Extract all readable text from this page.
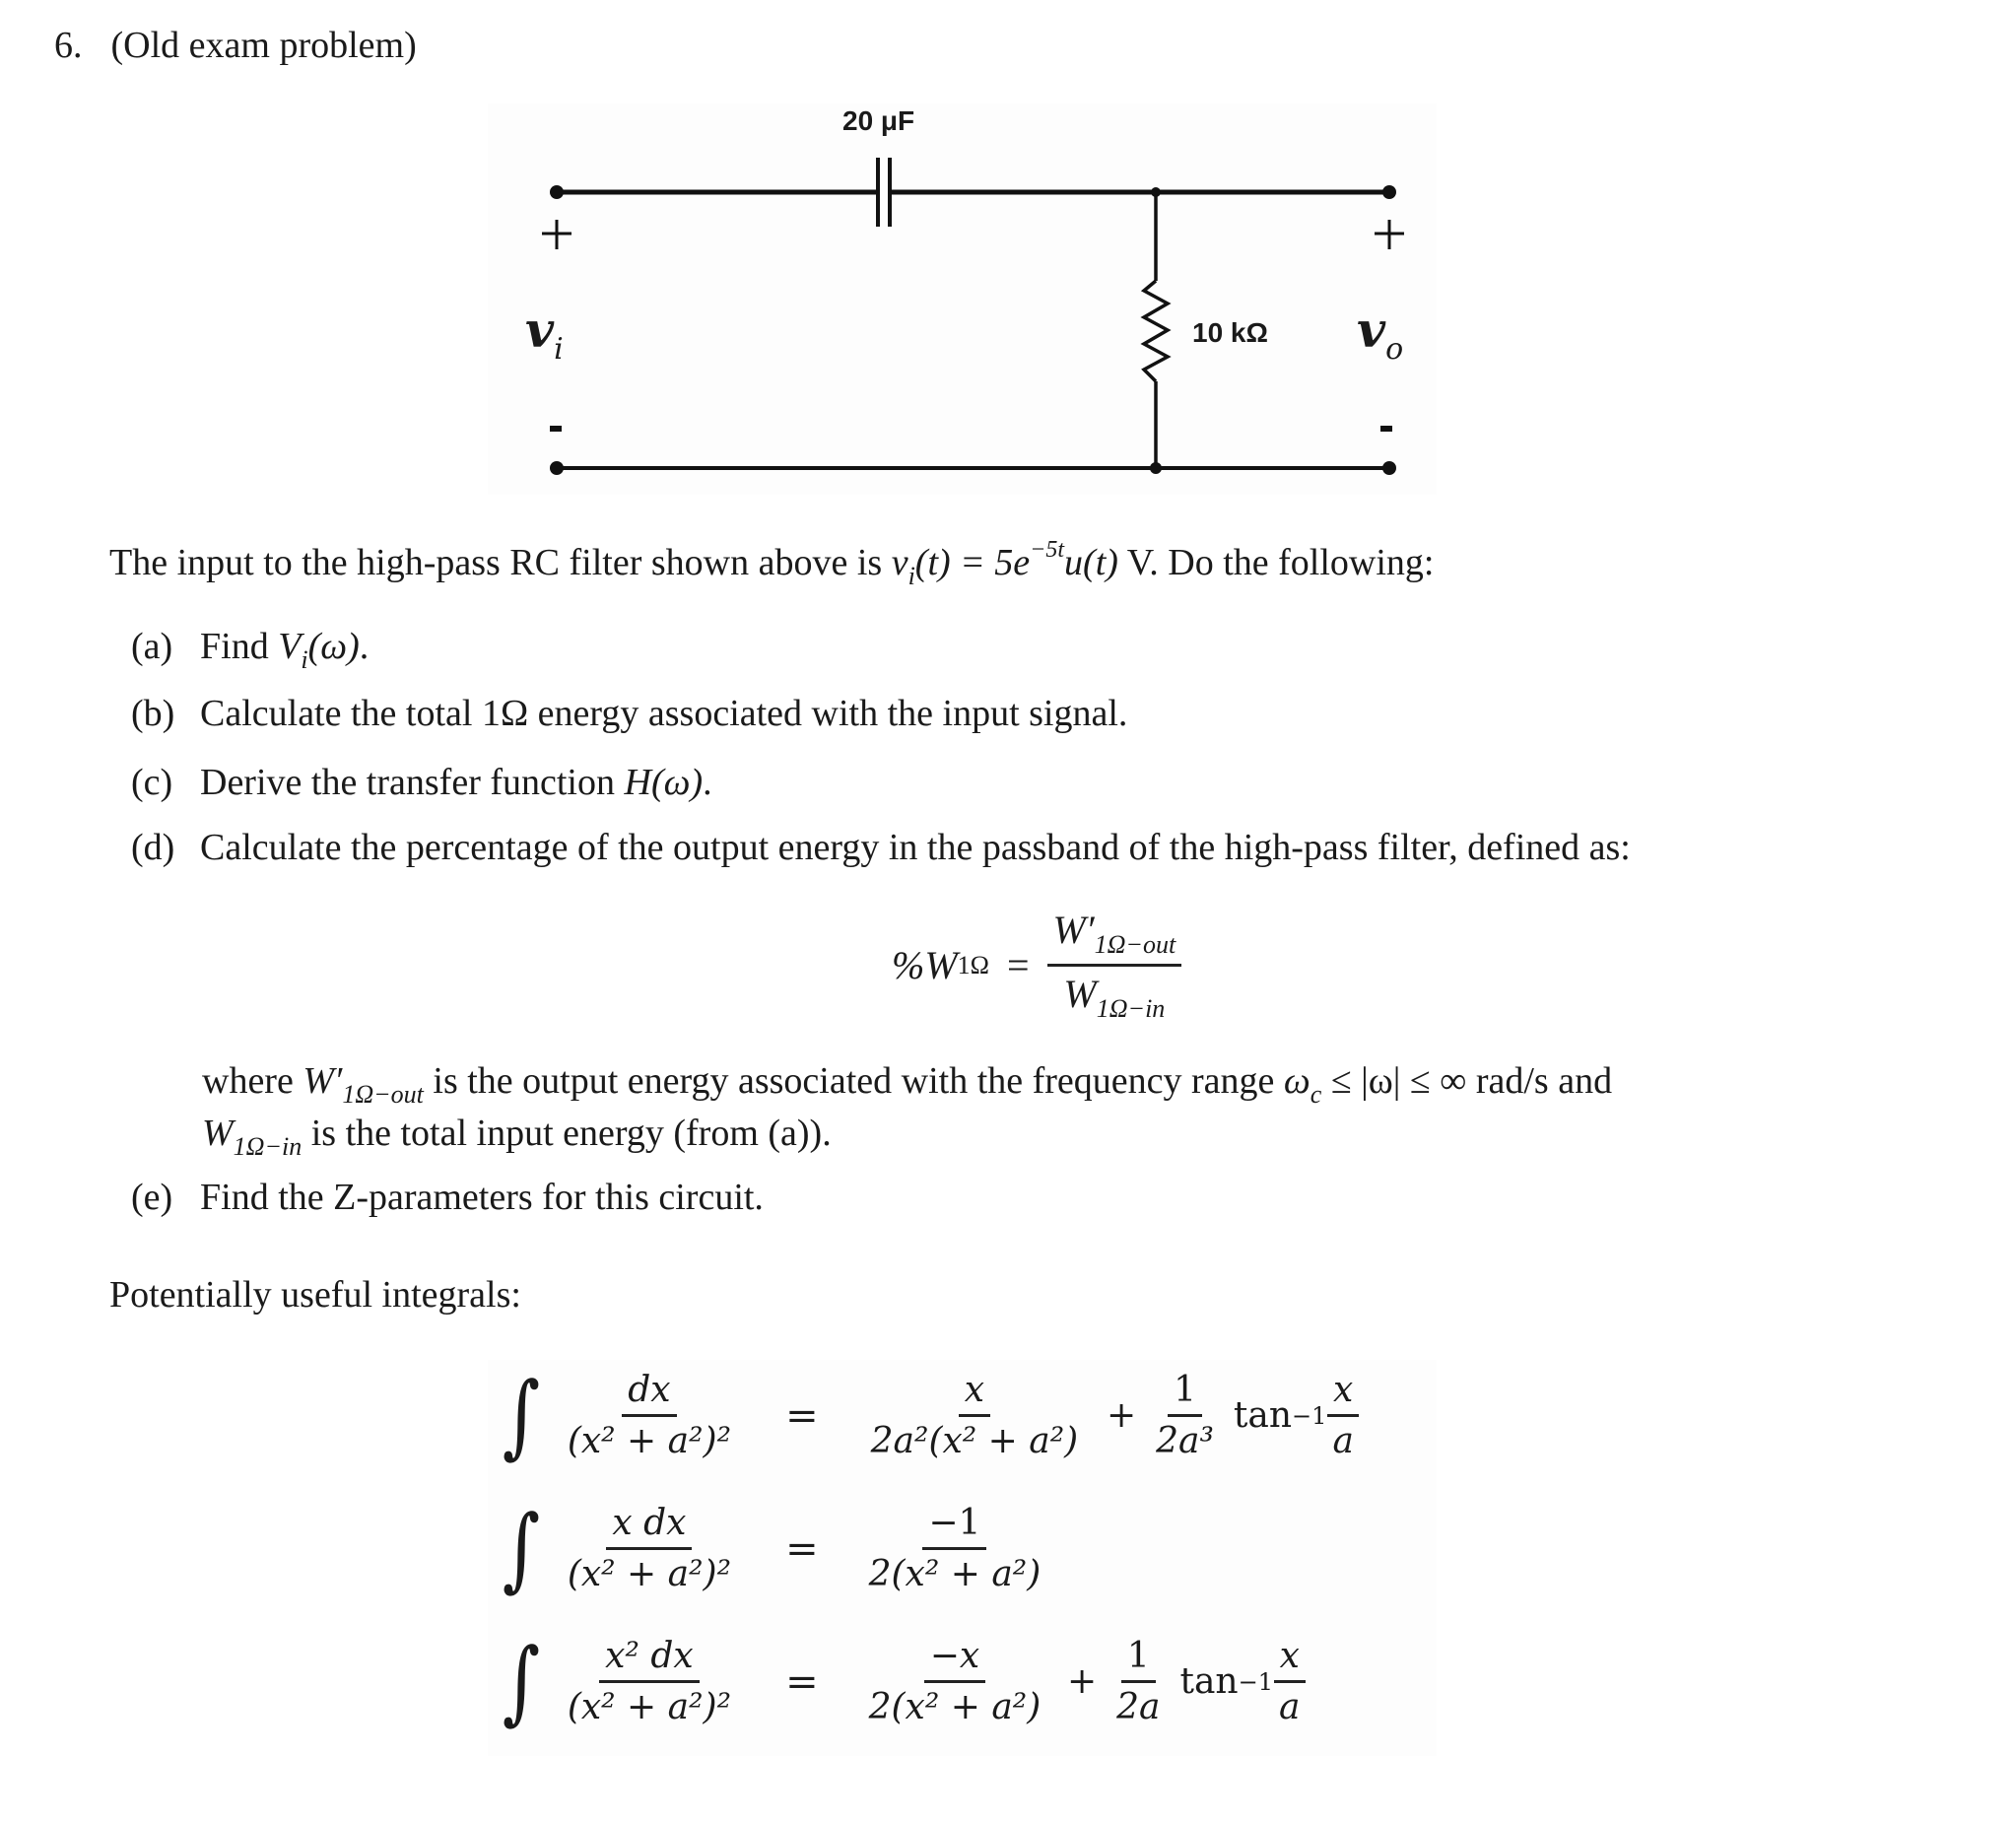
6. (Old exam problem)
20 μF
10 kΩ
$v_i$	$v_o$
The input to the high-pass RC filter shown above is $v_i(t) = 5e^{-5t}u(t)$ V. Do the following:
(a) Find $V_i(\omega)$.
(b) Calculate the total 1Ω energy associated with the input signal.
(c) Derive the transfer function H(ω).
(d) Calculate the percentage of the output energy in the passband of the high-pass filter, defined as:
%W $1\Omega = \frac{W'_{1\Omega-out}}{W_{1\Omega-in}}$
where $W'_{1\Omega-out}$ is the output energy associated with the frequency range $\omega_c \le |\omega|$ ≤ ∞ rad/s and
$W_{1\Omega-in}$ is the total input energy (from (a)).
(e) Find the Z-parameters for this circuit.
Potentially useful integrals:
∫ $\frac{dx}{\text{(x² + a²)²}}$ =	$\frac{x}{\text{2a²(x² + a²)}} + \frac{1}{\text{2a³}}$ $\tan -1 \frac{x}{a}$
∫ $\frac{\text{x dx}}{\text{(x² + a²)²}}$ =	$\frac{-1}{\text{2(x² + a²)}}$
∫ $\frac{\text{x² dx}}{\text{(x² + a²)²}}$ =	$\frac{-x}{\text{2(x² + a²)}} + \frac{1}{2a}$ $\tan -1 \frac{x}{a}$
